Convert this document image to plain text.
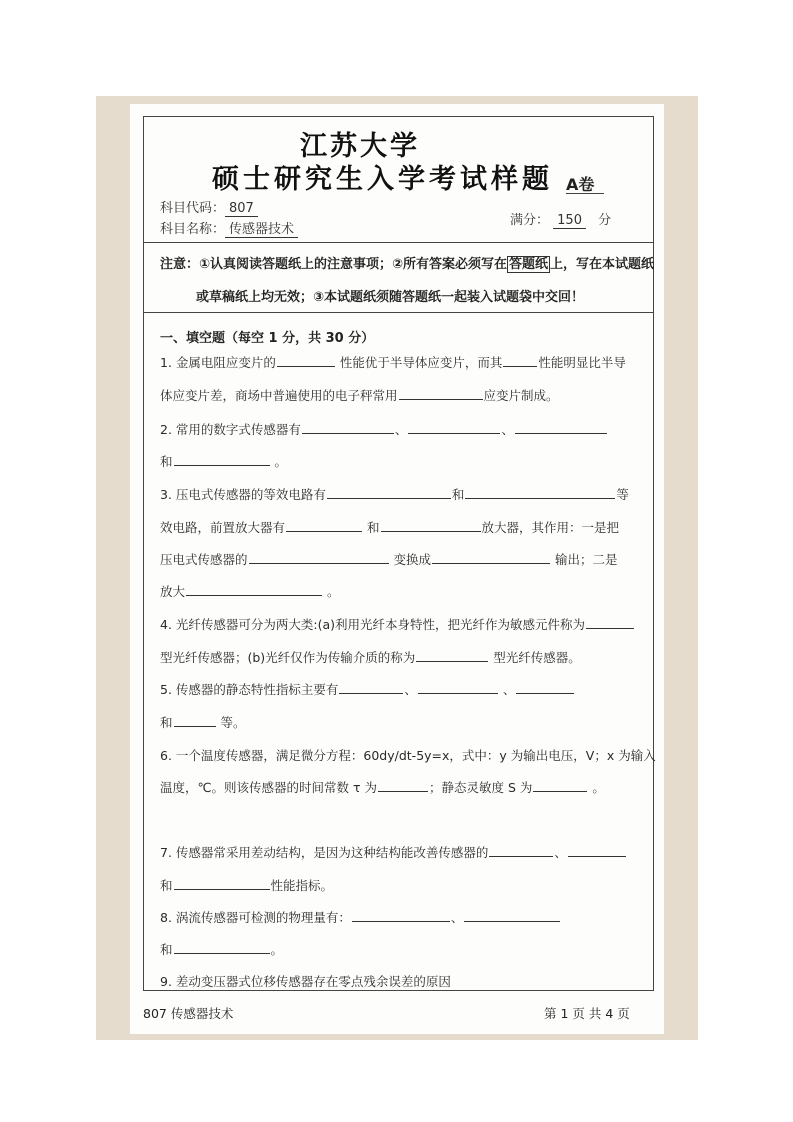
江苏大学
硕士研究生入学考试样题 A卷
科目代码： 807
科目名称： 传感器技术
满分： 150 分
注意：①认真阅读答题纸上的注意事项；②所有答案必须写在 答题纸 上，写在本试题纸
或草稿纸上均无效；③本试题纸须随答题纸一起装入试题袋中交回！
一、填空题（每空 1 分，共 30 分）
1. 金属电阻应变片的	性能优于半导体应变片，而其	性能明显比半导
体应变片差，商场中普遍使用的电子秤常用	应变片制成。
2. 常用的数字式传感器有	、	、
和	。
3. 压电式传感器的等效电路有	和	等
效电路，前置放大器有	和	放大器，其作用：一是把
压电式传感器的	变换成	输出；二是
放大	。
4. 光纤传感器可分为两大类:(a)利用光纤本身特性，把光纤作为敏感元件称为
型光纤传感器；(b)光纤仅作为传输介质的称为	型光纤传感器。
5. 传感器的静态特性指标主要有	、	、
和	等。
6. 一个温度传感器，满足微分方程：60dy/dt-5y=x，式中：y 为输出电压，V；x 为输入
温度，℃。则该传感器的时间常数 τ 为	；静态灵敏度 S 为	。
7. 传感器常采用差动结构，是因为这种结构能改善传感器的	、
和	性能指标。
8. 涡流传感器可检测的物理量有：	、
和	。
9. 差动变压器式位移传感器存在零点残余误差的原因
807 传感器技术	第 1 页 共 4 页
